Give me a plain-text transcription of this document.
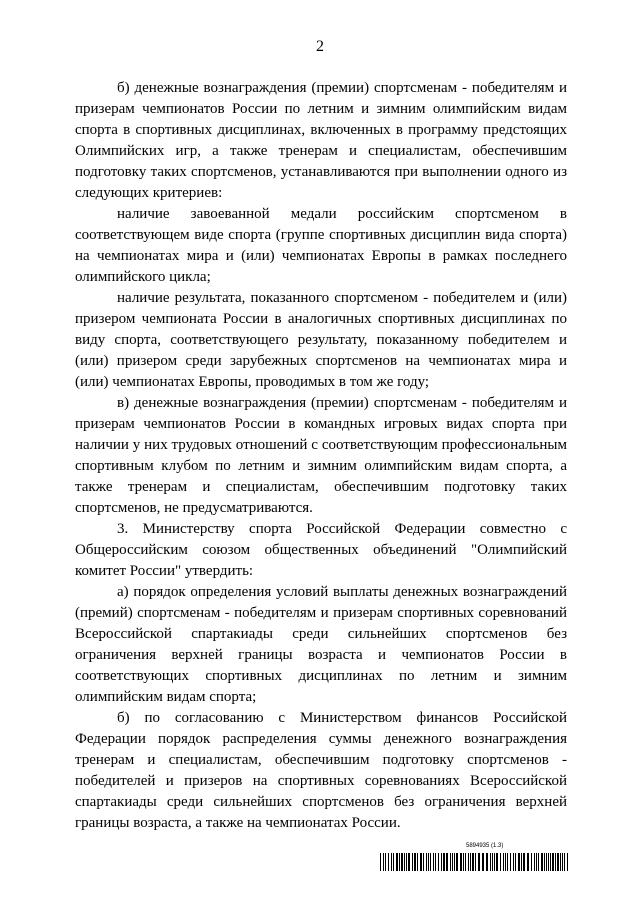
2

б) денежные вознаграждения (премии) спортсменам - победителям и призерам чемпионатов России по летним и зимним олимпийским видам спорта в спортивных дисциплинах, включенных в программу предстоящих Олимпийских игр, а также тренерам и специалистам, обеспечившим подготовку таких спортсменов, устанавливаются при выполнении одного из следующих критериев:

наличие завоеванной медали российским спортсменом в соответствующем виде спорта (группе спортивных дисциплин вида спорта) на чемпионатах мира и (или) чемпионатах Европы в рамках последнего олимпийского цикла;

наличие результата, показанного спортсменом - победителем и (или) призером чемпионата России в аналогичных спортивных дисциплинах по виду спорта, соответствующего результату, показанному победителем и (или) призером среди зарубежных спортсменов на чемпионатах мира и (или) чемпионатах Европы, проводимых в том же году;

в) денежные вознаграждения (премии) спортсменам - победителям и призерам чемпионатов России в командных игровых видах спорта при наличии у них трудовых отношений с соответствующим профессиональным спортивным клубом по летним и зимним олимпийским видам спорта, а также тренерам и специалистам, обеспечившим подготовку таких спортсменов, не предусматриваются.

3. Министерству спорта Российской Федерации совместно с Общероссийским союзом общественных объединений "Олимпийский комитет России" утвердить:

а) порядок определения условий выплаты денежных вознаграждений (премий) спортсменам - победителям и призерам спортивных соревнований Всероссийской спартакиады среди сильнейших спортсменов без ограничения верхней границы возраста и чемпионатов России в соответствующих спортивных дисциплинах по летним и зимним олимпийским видам спорта;

б) по согласованию с Министерством финансов Российской Федерации порядок распределения суммы денежного вознаграждения тренерам и специалистам, обеспечившим подготовку спортсменов - победителей и призеров на спортивных соревнованиях Всероссийской спартакиады среди сильнейших спортсменов без ограничения верхней границы возраста, а также на чемпионатах России.

5894935 (1.3)
